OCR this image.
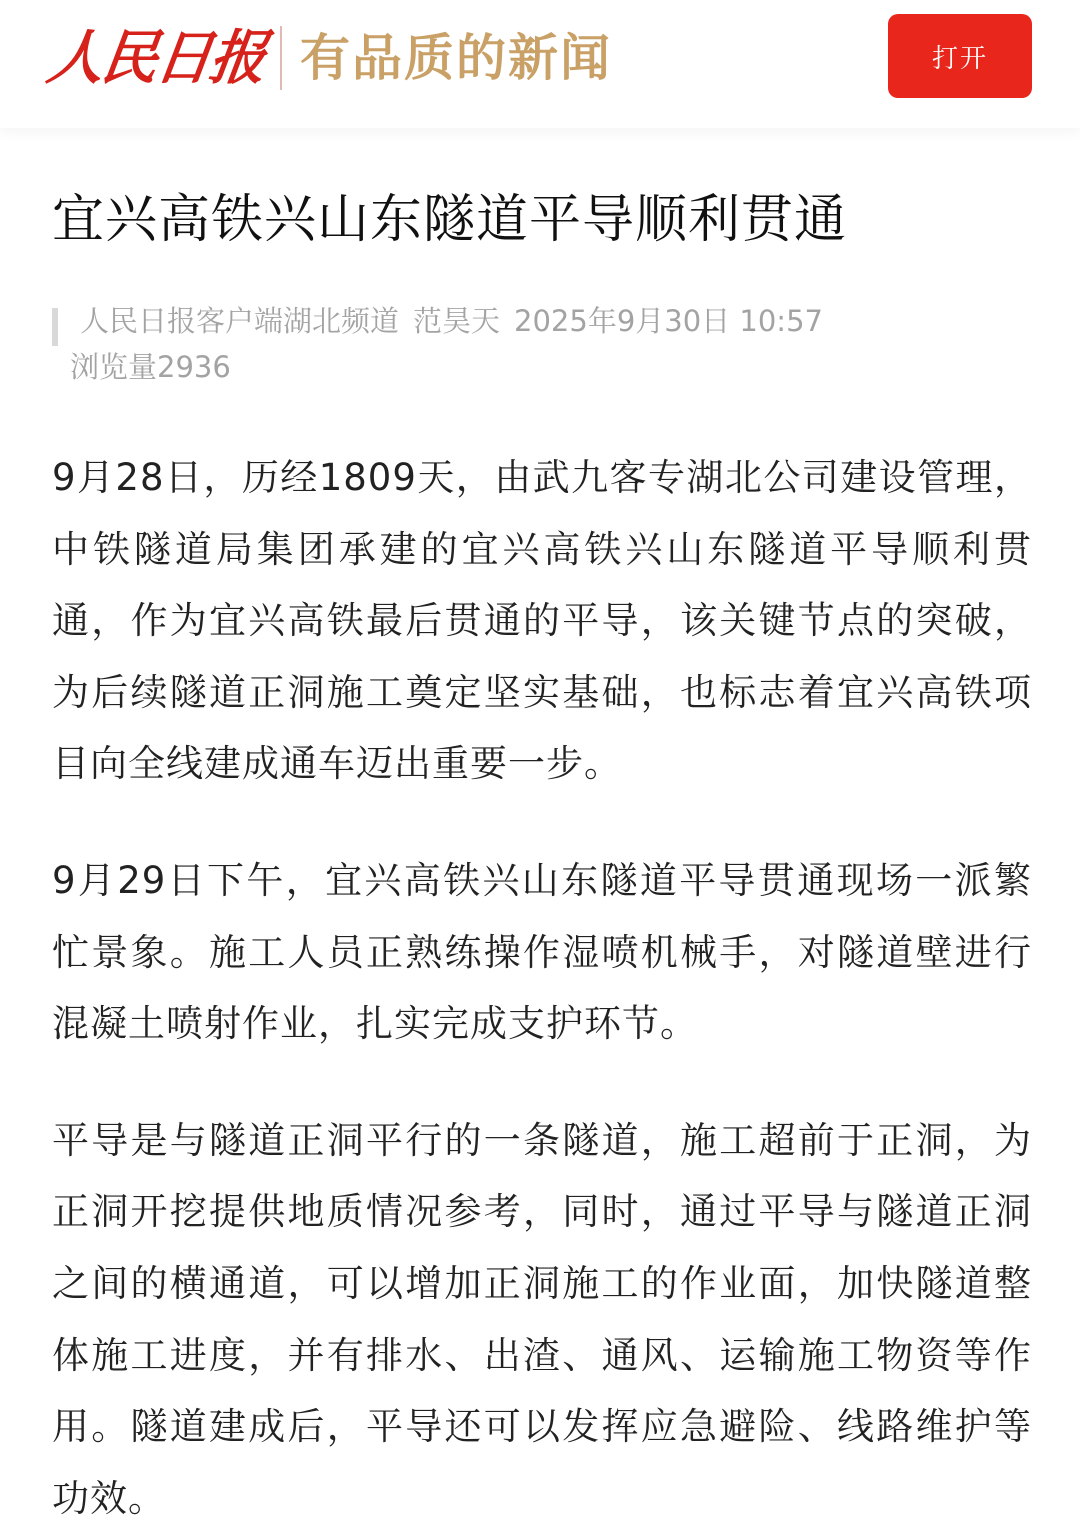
人民日报 有品质的新闻	打开
宜兴高铁兴山东隧道平导顺利贯通
人民日报客户端湖北频道 范昊天 2025年9月30日 10:57
浏览量2936

9月28日，历经1809天，由武九客专湖北公司建设管理，中铁隧道局集团承建的宜兴高铁兴山东隧道平导顺利贯通，作为宜兴高铁最后贯通的平导，该关键节点的突破，为后续隧道正洞施工奠定坚实基础，也标志着宜兴高铁项目向全线建成通车迈出重要一步。

9月29日下午，宜兴高铁兴山东隧道平导贯通现场一派繁忙景象。施工人员正熟练操作湿喷机械手，对隧道壁进行混凝土喷射作业，扎实完成支护环节。

平导是与隧道正洞平行的一条隧道，施工超前于正洞，为正洞开挖提供地质情况参考，同时，通过平导与隧道正洞之间的横通道，可以增加正洞施工的作业面，加快隧道整体施工进度，并有排水、出渣、通风、运输施工物资等作用。隧道建成后，平导还可以发挥应急避险、线路维护等功效。
